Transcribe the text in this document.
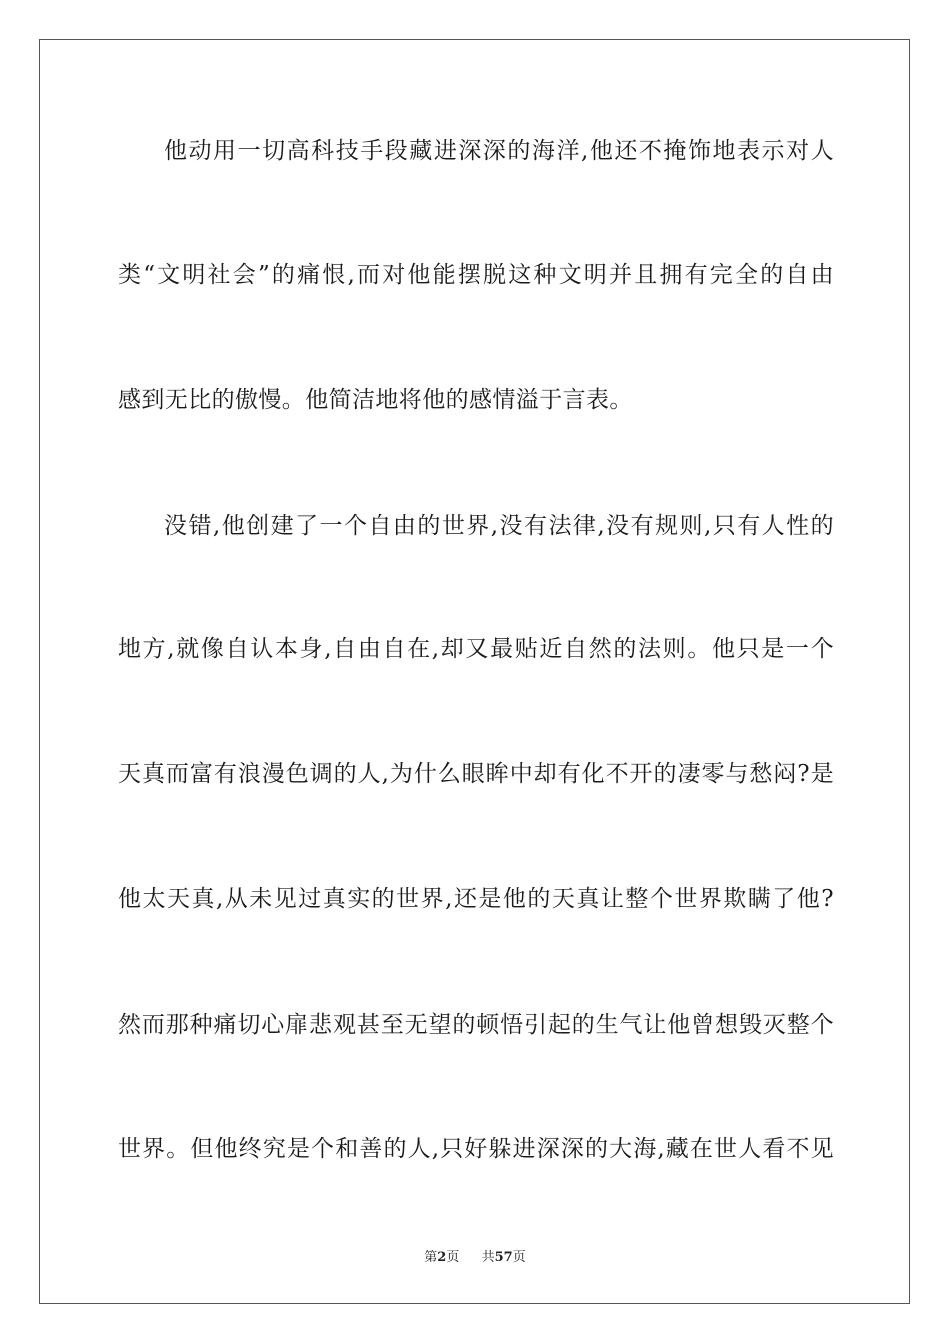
他动用一切高科技手段藏进深深的海洋,他还不掩饰地表示对人
类“文明社会”的痛恨,而对他能摆脱这种文明并且拥有完全的自由
感到无比的傲慢。他简洁地将他的感情溢于言表。
没错,他创建了一个自由的世界,没有法律,没有规则,只有人性的
地方,就像自认本身,自由自在,却又最贴近自然的法则。他只是一个
天真而富有浪漫色调的人,为什么眼眸中却有化不开的凄零与愁闷?是
他太天真,从未见过真实的世界,还是他的天真让整个世界欺瞒了他?
然而那种痛切心扉悲观甚至无望的顿悟引起的生气让他曾想毁灭整个
世界。但他终究是个和善的人,只好躲进深深的大海,藏在世人看不见
第2页 共57页
